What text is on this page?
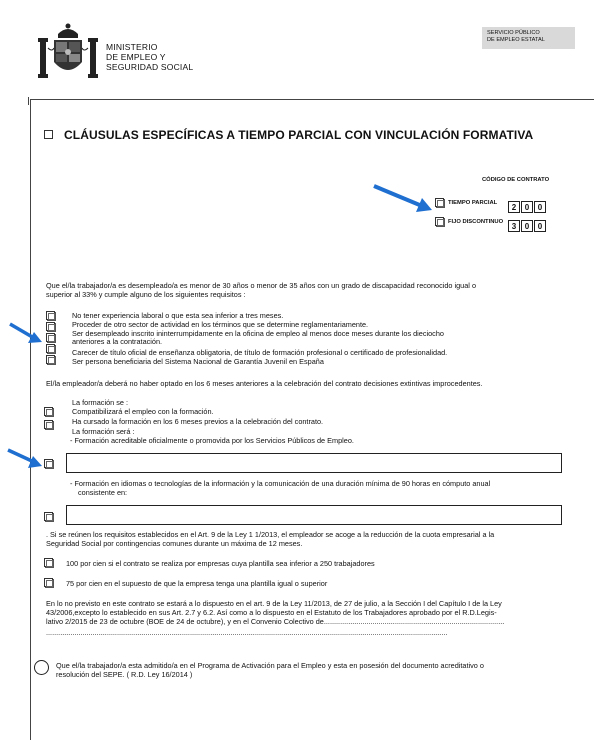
MINISTERIO
DE EMPLEO Y
SEGURIDAD SOCIAL
SERVICIO PÚBLICO
DE EMPLEO ESTATAL
CLÁUSULAS ESPECÍFICAS A TIEMPO PARCIAL CON VINCULACIÓN FORMATIVA
CÓDIGO DE CONTRATO
TIEMPO PARCIAL	2 0 0
FIJO DISCONTINUO	3 0 0
Que el/la trabajador/a es desempleado/a es menor de 30 años o menor de 35 años con un grado de discapacidad reconocido igual o
superior al 33% y cumple alguno de los siguientes requisitos :
No tener experiencia laboral o que esta sea inferior a tres meses.
Proceder de otro sector de actividad en los términos que se determine reglamentariamente.
Ser desempleado inscrito ininterrumpidamente en la oficina de empleo al menos doce meses durante los dieciocho
anteriores a la contratación.
Carecer de título oficial de enseñanza obligatoria, de título de formación profesional o certificado de profesionalidad.
Ser persona beneficiaria del Sistema Nacional de Garantía Juvenil en España
El/la empleador/a deberá no haber optado en los 6 meses anteriores a la celebración del contrato decisiones extintivas improcedentes.
La formación se :
Compatibilizará el empleo con la formación.
Ha cursado la formación en los 6 meses previos a la celebración del contrato.
La formación será :
- Formación acreditable oficialmente o promovida por los Servicios Públicos de Empleo.
- Formación en idiomas o tecnologías de la información y la comunicación de una duración mínima de 90 horas en cómputo anual
consistente en:
. Si se reúnen los requisitos establecidos en el Art. 9 de la Ley 1 1/2013, el empleador se acoge a la reducción de la cuota empresarial a la
Seguridad Social por contingencias comunes durante un máxima de 12 meses.
100 por cien si el contrato se realiza por empresas cuya plantilla sea inferior a 250 trabajadores
75 por cien en el supuesto de que la empresa tenga una plantilla igual o superior
En lo no previsto en este contrato se estará a lo dispuesto en el art. 9 de la Ley 11/2013, de 27 de julio, a la Sección I del Capítulo I de la Ley
43/2006,excepto lo establecido en sus Art. 2.7 y 6.2. Así como a lo dispuesto en el Estatuto de los Trabajadores aprobado por el R.D.Legis-
lativo 2/2015 de 23 de octubre (BOE de 24 de octubre), y en el Convenio Colectivo de.........................................................................................
......................................................................................................................................................................................................
Que el/la trabajador/a esta admitido/a en el Programa de Activación para el Empleo y esta en posesión del documento acreditativo o
resolución del SEPE. ( R.D. Ley 16/2014 )
